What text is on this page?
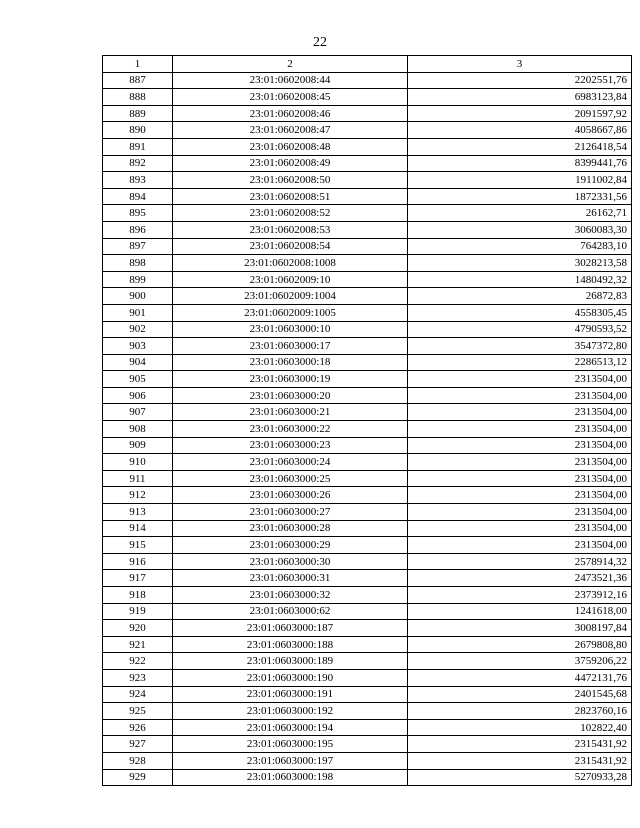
22
1	2	3
887	23:01:0602008:44	2202551,76
888	23:01:0602008:45	6983123,84
889	23:01:0602008:46	2091597,92
890	23:01:0602008:47	4058667,86
891	23:01:0602008:48	2126418,54
892	23:01:0602008:49	8399441,76
893	23:01:0602008:50	1911002,84
894	23:01:0602008:51	1872331,56
895	23:01:0602008:52	26162,71
896	23:01:0602008:53	3060083,30
897	23:01:0602008:54	764283,10
898	23:01:0602008:1008	3028213,58
899	23:01:0602009:10	1480492,32
900	23:01:0602009:1004	26872,83
901	23:01:0602009:1005	4558305,45
902	23:01:0603000:10	4790593,52
903	23:01:0603000:17	3547372,80
904	23:01:0603000:18	2286513,12
905	23:01:0603000:19	2313504,00
906	23:01:0603000:20	2313504,00
907	23:01:0603000:21	2313504,00
908	23:01:0603000:22	2313504,00
909	23:01:0603000:23	2313504,00
910	23:01:0603000:24	2313504,00
911	23:01:0603000:25	2313504,00
912	23:01:0603000:26	2313504,00
913	23:01:0603000:27	2313504,00
914	23:01:0603000:28	2313504,00
915	23:01:0603000:29	2313504,00
916	23:01:0603000:30	2578914,32
917	23:01:0603000:31	2473521,36
918	23:01:0603000:32	2373912,16
919	23:01:0603000:62	1241618,00
920	23:01:0603000:187	3008197,84
921	23:01:0603000:188	2679808,80
922	23:01:0603000:189	3759206,22
923	23:01:0603000:190	4472131,76
924	23:01:0603000:191	2401545,68
925	23:01:0603000:192	2823760,16
926	23:01:0603000:194	102822,40
927	23:01:0603000:195	2315431,92
928	23:01:0603000:197	2315431,92
929	23:01:0603000:198	5270933,28
